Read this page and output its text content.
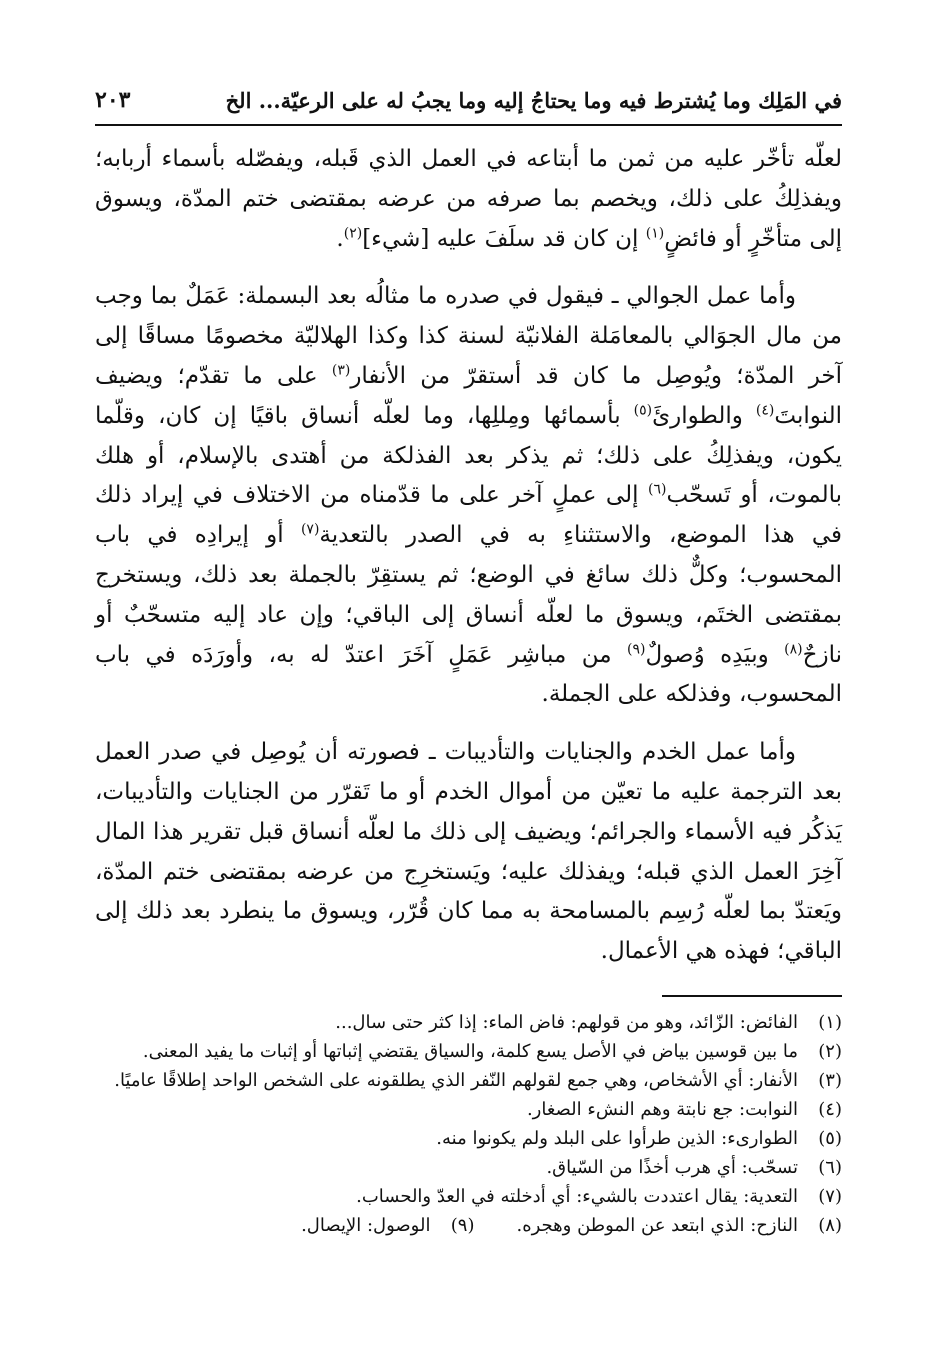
في المَلِك وما يُشترط فيه وما يحتاجُ إليه وما يجبُ له على الرعيّة... الخ
٢٠٣

لعلّه تأخّر عليه من ثمن ما أبتاعه في العمل الذي قَبله، ويفصّله بأسماء أربابه؛ ويفذلِكُ على ذلك، ويخصم بما صرفه من عرضه بمقتضى ختم المدّة، ويسوق إلى متأخّرٍ أو فائضٍ$^{(١)}$ إن كان قد سلَفَ عليه [شيء]$^{(٢)}$.

وأما عمل الجوالي ـ فيقول في صدره ما مثالُه بعد البسملة: عَمَلٌ بما وجب من مال الجوَالي بالمعامَلة الفلانيّة لسنة كذا وكذا الهلاليّة مخصومًا مساقًا إلى آخر المدّة؛ ويُوصِل ما كان قد أستقرّ من الأنفار$^{(٣)}$ على ما تقدّم؛ ويضيف النوابتَ$^{(٤)}$ والطوارئَ$^{(٥)}$ بأسمائها ومِللِها، وما لعلّه أنساق باقيًا إن كان، وقلّما يكون، ويفذلِكُ على ذلك؛ ثم يذكر بعد الفذلكة من أهتدى بالإسلام، أو هلك بالموت، أو تَسحّب$^{(٦)}$ إلى عملٍ آخر على ما قدّمناه من الاختلاف في إيراد ذلك في هذا الموضع، والاستثناءِ به في الصدر بالتعدية$^{(٧)}$ أو إيرادِه في باب المحسوب؛ وكلٌّ ذلك سائغ في الوضع؛ ثم يستقِرّ بالجملة بعد ذلك، ويستخرج بمقتضى الختَم، ويسوق ما لعلّه أنساق إلى الباقي؛ وإن عاد إليه متسحّبٌ أو نازحٌ$^{(٨)}$ وبيَدِه وُصولٌ$^{(٩)}$ من مباشِر عَمَلٍ آخَرَ اعتدّ له به، وأورَدَه في باب المحسوب، وفذلكه على الجملة.

وأما عمل الخدم والجنايات والتأديبات ـ فصورته أن يُوصِل في صدر العمل بعد الترجمة عليه ما تعيّن من أموال الخدم أو ما تَقرّر من الجنايات والتأديبات، يَذكُر فيه الأسماء والجرائم؛ ويضيف إلى ذلك ما لعلّه أنساق قبل تقرير هذا المال آخِرَ العمل الذي قبله؛ ويفذلك عليه؛ ويَستخرِج من عرضه بمقتضى ختم المدّة، ويَعتدّ بما لعلّه رُسِم بالمسامحة به مما كان قُرّر، ويسوق ما ينطرد بعد ذلك إلى الباقي؛ فهذه هي الأعمال.

(١)
الفائض: الزّائد، وهو من قولهم: فاض الماء: إذا كثر حتى سال...
(٢)
ما بين قوسين بياض في الأصل يسع كلمة، والسياق يقتضي إثباتها أو إثبات ما يفيد المعنى.
(٣)
الأنفار: أي الأشخاص، وهي جمع لقولهم النّفر الذي يطلقونه على الشخص الواحد إطلاقًا عاميًا.
(٤)
النوابت: جع نابتة وهم النشء الصغار.
(٥)
الطوارىء: الذين طرأوا على البلد ولم يكونوا منه.
(٦)
تسحّب: أي هرب أخذًا من السّياق.
(٧)
التعدية: يقال اعتددت بالشيء: أي أدخلته في العدّ والحساب.
(٨)
النازح: الذي ابتعد عن الموطن وهجره.
(٩)
الوصول: الإيصال.
